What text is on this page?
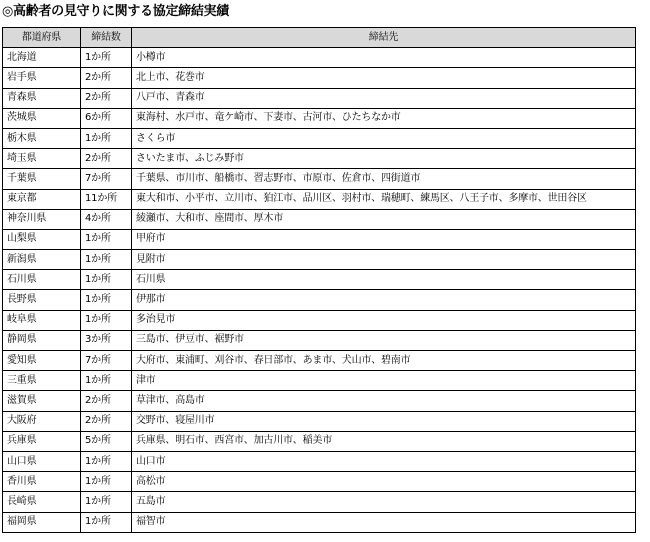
◎高齢者の見守りに関する協定締結実績
都道府県	締結数	締結先
北海道	1か所	小樽市
岩手県	2か所	北上市、花巻市
青森県	2か所	八戸市、青森市
茨城県	6か所	東海村、水戸市、竜ケ崎市、下妻市、古河市、ひたちなか市
栃木県	1か所	さくら市
埼玉県	2か所	さいたま市、ふじみ野市
千葉県	7か所	千葉県、市川市、船橋市、習志野市、市原市、佐倉市、四街道市
東京都	11か所	東大和市、小平市、立川市、狛江市、品川区、羽村市、瑞穂町、練馬区、八王子市、多摩市、世田谷区
神奈川県	4か所	綾瀬市、大和市、座間市、厚木市
山梨県	1か所	甲府市
新潟県	1か所	見附市
石川県	1か所	石川県
長野県	1か所	伊那市
岐阜県	1か所	多治見市
静岡県	3か所	三島市、伊豆市、裾野市
愛知県	7か所	大府市、東浦町、刈谷市、春日部市、あま市、犬山市、碧南市
三重県	1か所	津市
滋賀県	2か所	草津市、高島市
大阪府	2か所	交野市、寝屋川市
兵庫県	5か所	兵庫県、明石市、西宮市、加古川市、稲美市
山口県	1か所	山口市
香川県	1か所	高松市
長崎県	1か所	五島市
福岡県	1か所	福智市
